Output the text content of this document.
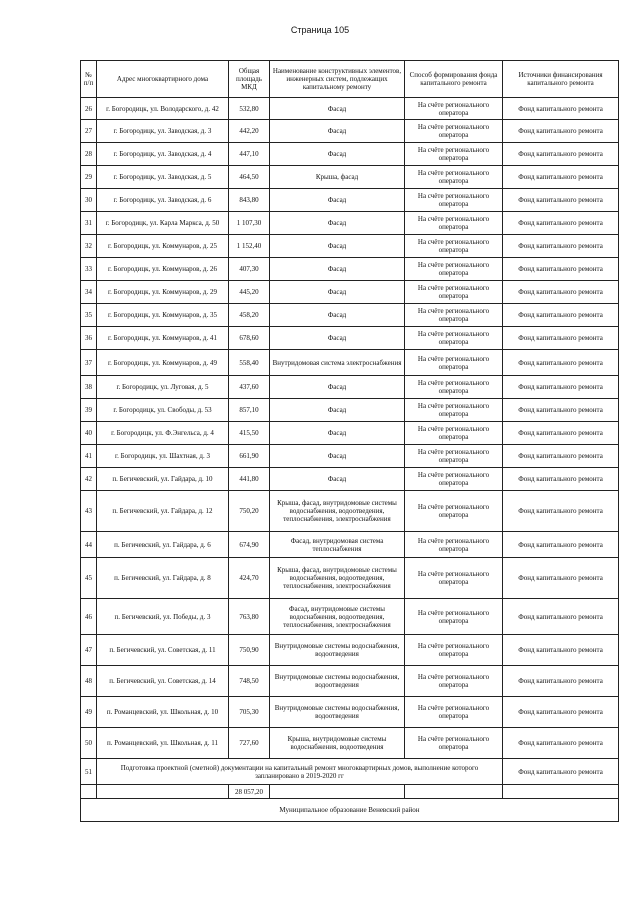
Страница 105
№ п/п	Адрес многоквартирного дома	Общая площадь МКД	Наименование конструктивных элементов, инженерных систем, подлежащих капитальному ремонту	Способ формирования фонда капитального ремонта	Источники финансирования капитального ремонта
26	г. Богородицк, ул. Володарского, д. 42	532,80	Фасад	На счёте регионального оператора	Фонд капитального ремонта
27	г. Богородицк, ул. Заводская, д. 3	442,20	Фасад	На счёте регионального оператора	Фонд капитального ремонта
28	г. Богородицк, ул. Заводская, д. 4	447,10	Фасад	На счёте регионального оператора	Фонд капитального ремонта
29	г. Богородицк, ул. Заводская, д. 5	464,50	Крыша, фасад	На счёте регионального оператора	Фонд капитального ремонта
30	г. Богородицк, ул. Заводская, д. 6	843,80	Фасад	На счёте регионального оператора	Фонд капитального ремонта
31	г. Богородицк, ул. Карла Маркса, д. 50	1 107,30	Фасад	На счёте регионального оператора	Фонд капитального ремонта
32	г. Богородицк, ул. Коммунаров, д. 25	1 152,40	Фасад	На счёте регионального оператора	Фонд капитального ремонта
33	г. Богородицк, ул. Коммунаров, д. 26	407,30	Фасад	На счёте регионального оператора	Фонд капитального ремонта
34	г. Богородицк, ул. Коммунаров, д. 29	445,20	Фасад	На счёте регионального оператора	Фонд капитального ремонта
35	г. Богородицк, ул. Коммунаров, д. 35	458,20	Фасад	На счёте регионального оператора	Фонд капитального ремонта
36	г. Богородицк, ул. Коммунаров, д. 41	678,60	Фасад	На счёте регионального оператора	Фонд капитального ремонта
37	г. Богородицк, ул. Коммунаров, д. 49	558,40	Внутридомовая система электроснабжения	На счёте регионального оператора	Фонд капитального ремонта
38	г. Богородицк, ул. Луговая, д. 5	437,60	Фасад	На счёте регионального оператора	Фонд капитального ремонта
39	г. Богородицк, ул. Свободы, д. 53	857,10	Фасад	На счёте регионального оператора	Фонд капитального ремонта
40	г. Богородицк, ул. Ф.Энгельса, д. 4	415,50	Фасад	На счёте регионального оператора	Фонд капитального ремонта
41	г. Богородицк, ул. Шахтная, д. 3	661,90	Фасад	На счёте регионального оператора	Фонд капитального ремонта
42	п. Бегичевский, ул. Гайдара, д. 10	441,80	Фасад	На счёте регионального оператора	Фонд капитального ремонта
43	п. Бегичевский, ул. Гайдара, д. 12	750,20	Крыша, фасад, внутридомовые системы водоснабжения, водоотведения, теплоснабжения, электроснабжения	На счёте регионального оператора	Фонд капитального ремонта
44	п. Бегичевский, ул. Гайдара, д. 6	674,90	Фасад, внутридомовая система теплоснабжения	На счёте регионального оператора	Фонд капитального ремонта
45	п. Бегичевский, ул. Гайдара, д. 8	424,70	Крыша, фасад, внутридомовые системы водоснабжения, водоотведения, теплоснабжения, электроснабжения	На счёте регионального оператора	Фонд капитального ремонта
46	п. Бегичевский, ул. Победы, д. 3	763,80	Фасад, внутридомовые системы водоснабжения, водоотведения, теплоснабжения, электроснабжения	На счёте регионального оператора	Фонд капитального ремонта
47	п. Бегичевский, ул. Советская, д. 11	750,90	Внутридомовые системы водоснабжения, водоотведения	На счёте регионального оператора	Фонд капитального ремонта
48	п. Бегичевский, ул. Советская, д. 14	748,50	Внутридомовые системы водоснабжения, водоотведения	На счёте регионального оператора	Фонд капитального ремонта
49	п. Романцевский, ул. Школьная, д. 10	705,30	Внутридомовые системы водоснабжения, водоотведения	На счёте регионального оператора	Фонд капитального ремонта
50	п. Романцевский, ул. Школьная, д. 11	727,60	Крыша, внутридомовые системы водоснабжения, водоотведения	На счёте регионального оператора	Фонд капитального ремонта
51	Подготовка проектной (сметной) документации на капитальный ремонт многоквартирных домов, выполнение которого запланировано в 2019-2020 гг				Фонд капитального ремонта
		28 057,20			
Муниципальное образование Веневский район					
